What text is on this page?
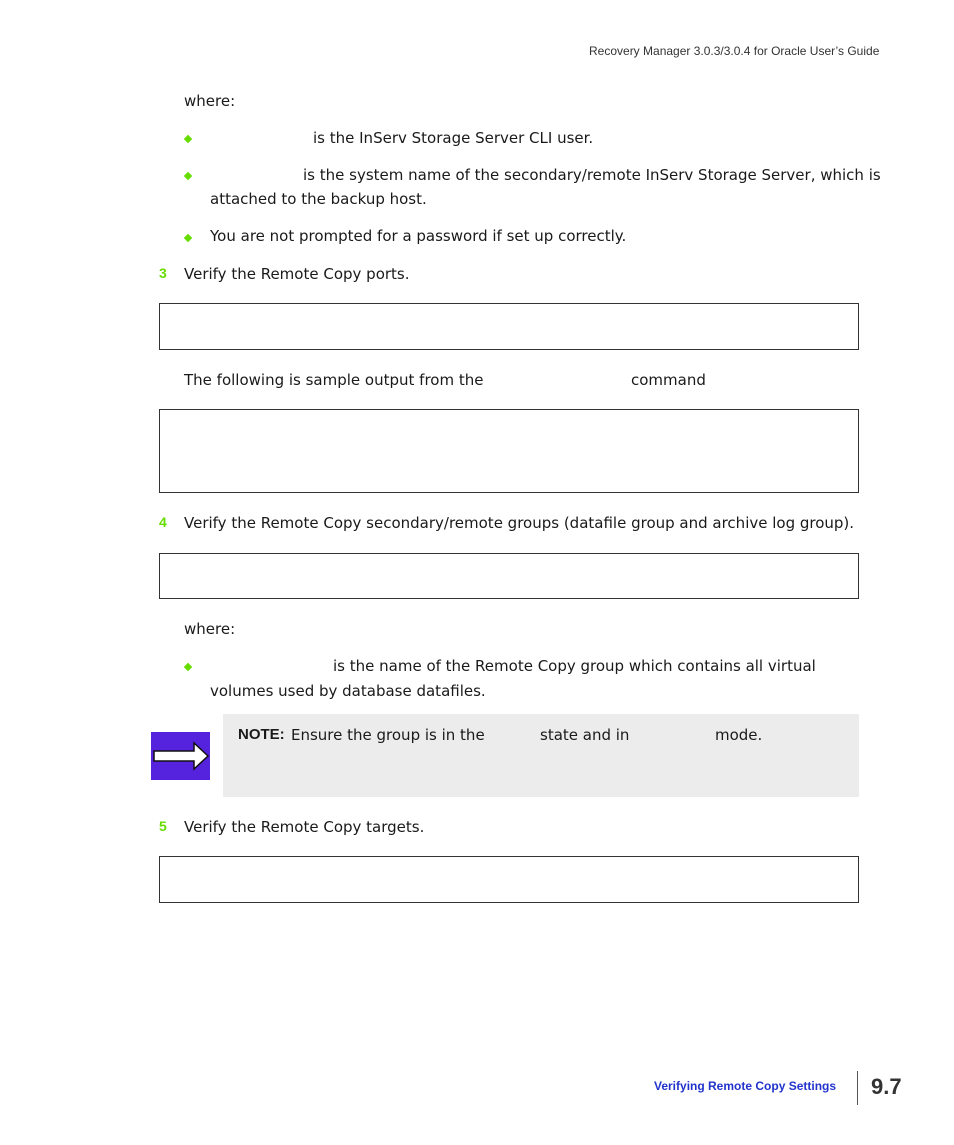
Recovery Manager 3.0.3/3.0.4 for Oracle User’s Guide
where:
is the InServ Storage Server CLI user.
is the system name of the secondary/remote InServ Storage Server, which is
attached to the backup host.
You are not prompted for a password if set up correctly.
3 Verify the Remote Copy ports.
The following is sample output from the	command
4 Verify the Remote Copy secondary/remote groups (datafile group and archive log group).
where:
is the name of the Remote Copy group which contains all virtual
volumes used by database datafiles.
NOTE: Ensure the group is in the	state and in	mode.
5 Verify the Remote Copy targets.
Verifying Remote Copy Settings 9.7
